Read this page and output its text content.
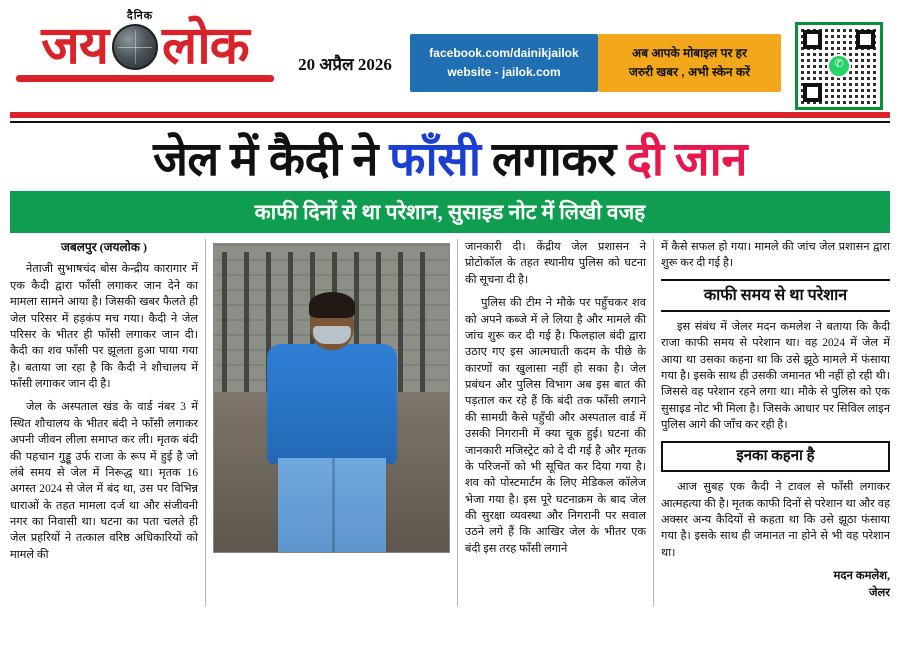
दैनिक
जय लोक	20 अप्रैल 2026
facebook.com/dainikjailok
website - jailok.com
अब आपके मोबाइल पर हर
जरुरी खबर , अभी स्केन करें
✆
जेल में कैदी ने फाँसी लगाकर दी जान
काफी दिनों से था परेशान, सुसाइड नोट में लिखी वजह
जबलपुर (जयलोक )

नेताजी सुभाषचंद बोस केन्द्रीय कारागार में एक कैदी द्वारा फाँसी लगाकर जान देने का मामला सामने आया है। जिसकी खबर फैलते ही जेल परिसर में हड़कंप मच गया। कैदी ने जेल परिसर के भीतर ही फाँसी लगाकर जान दी। कैदी का शव फाँसी पर झूलता हुआ पाया गया है। बताया जा रहा है कि कैदी ने शौचालय में फाँसी लगाकर जान दी है।

जेल के अस्पताल खंड के वार्ड नंबर 3 में स्थित शौचालय के भीतर बंदी ने फाँसी लगाकर अपनी जीवन लीला समाप्त कर ली। मृतक बंदी की पहचान गुड्डू उर्फ राजा के रूप में हुई है जो लंबे समय से जेल में निरूद्ध था। मृतक 16 अगस्त 2024 से जेल में बंद था, उस पर विभिन्न धाराओं के तहत मामला दर्ज था और संजीवनी नगर का निवासी था। घटना का पता चलते ही जेल प्रहरियों ने तत्काल वरिष्ठ अधिकारियों को मामले की

जानकारी दी। केंद्रीय जेल प्रशासन ने प्रोटोकॉल के तहत स्थानीय पुलिस को घटना की सूचना दी है।

पुलिस की टीम ने मौके पर पहुँचकर शव को अपने कब्जे में ले लिया है और मामले की जांच शुरू कर दी गई है। फिलहाल बंदी द्वारा उठाए गए इस आत्मघाती कदम के पीछे के कारणों का खुलासा नहीं हो सका है। जेल प्रबंधन और पुलिस विभाग अब इस बात की पड़ताल कर रहे हैं कि बंदी तक फाँसी लगाने की सामग्री कैसे पहुँची और अस्पताल वार्ड में उसकी निगरानी में क्या चूक हुई। घटना की जानकारी मजिस्ट्रेट को दे दी गई है और मृतक के परिजनों को भी सूचित कर दिया गया है। शव को पोस्टमार्टम के लिए मेडिकल कॉलेज भेजा गया है। इस पूरे घटनाक्रम के बाद जेल की सुरक्षा व्यवस्था और निगरानी पर सवाल उठने लगे हैं कि आखिर जेल के भीतर एक बंदी इस तरह फाँसी लगाने

में कैसे सफल हो गया। मामले की जांच जेल प्रशासन द्वारा शुरू कर दी गई है।

काफी समय से था परेशान

इस संबंध में जेलर मदन कमलेश ने बताया कि कैदी राजा काफी समय से परेशान था। वह 2024 में जेल में आया था उसका कहना था कि उसे झूठे मामले में फंसाया गया है। इसके साथ ही उसकी जमानत भी नहीं हो रही थी। जिससे वह परेशान रहने लगा था। मौके से पुलिस को एक सुसाइड नोट भी मिला है। जिसके आधार पर सिविल लाइन पुलिस आगे की जाँच कर रही है।

इनका कहना है

आज सुबह एक कैदी ने टावल से फाँसी लगाकर आत्महत्या की है। मृतक काफी दिनों से परेशान था और वह अक्सर अन्य कैदियों से कहता था कि उसे झूठा फंसाया गया है। इसके साथ ही जमानत ना होने से भी वह परेशान था।

मदन कमलेश,
जेलर
